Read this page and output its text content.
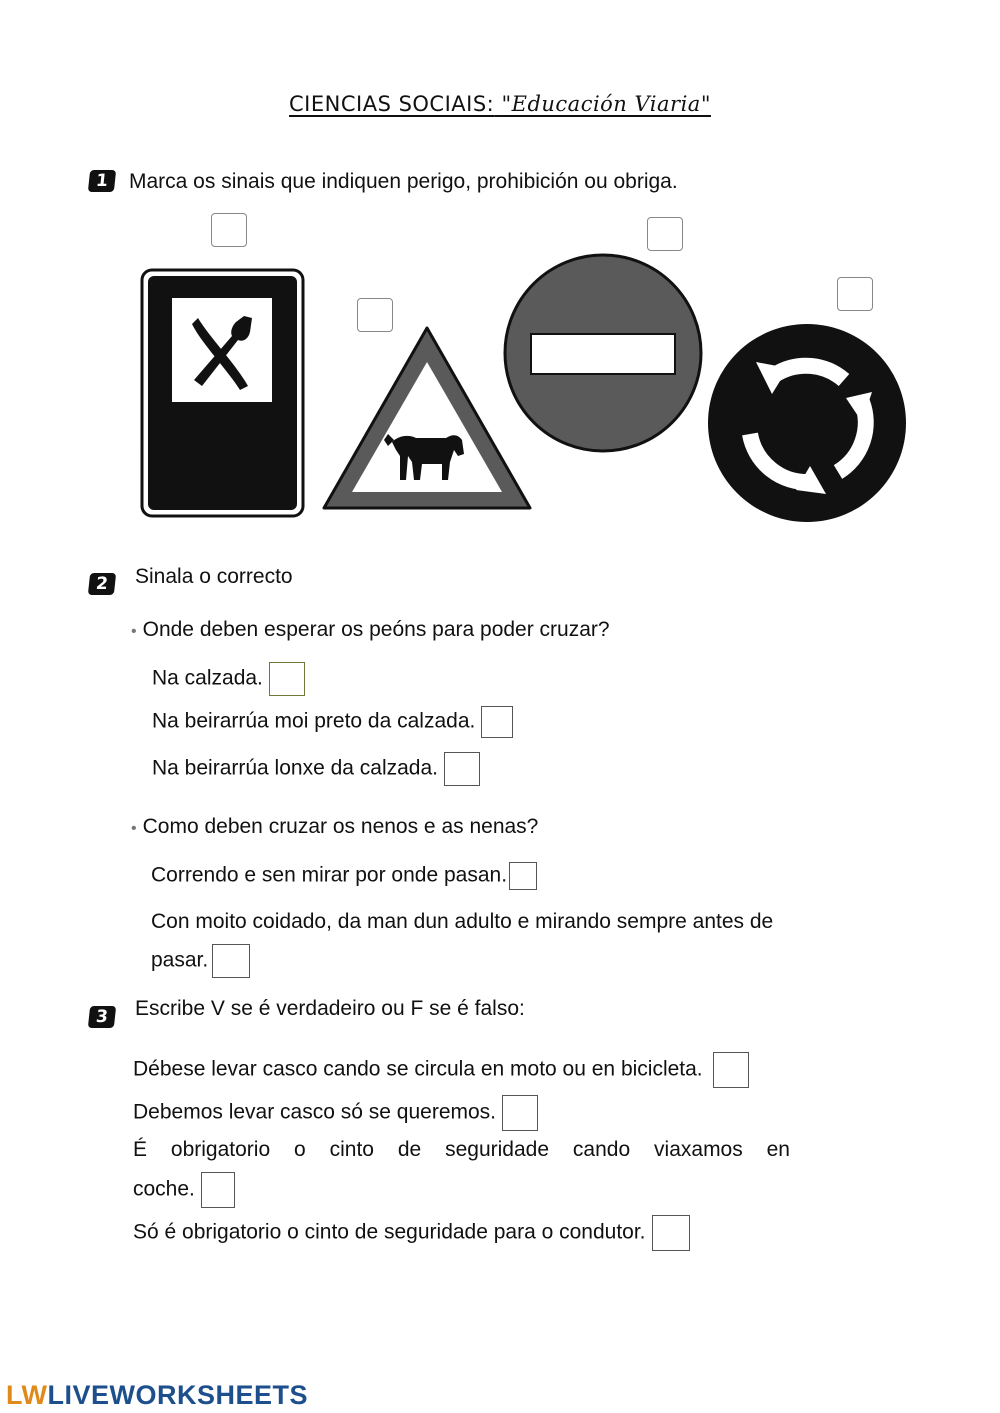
CIENCIAS SOCIAIS: "Educación Viaria"
1 Marca os sinais que indiquen perigo, prohibición ou obriga.
2	Sinala o correcto
• Onde deben esperar os peóns para poder cruzar?
Na calzada.
Na beirarrúa moi preto da calzada.
Na beirarrúa lonxe da calzada.
• Como deben cruzar os nenos e as nenas?
Correndo e sen mirar por onde pasan.
Con moito coidado, da man dun adulto e mirando sempre antes de
pasar.
3	Escribe V se é verdadeiro ou F se é falso:
Débese levar casco cando se circula en moto ou en bicicleta.
Debemos levar casco só se queremos.
É obrigatorio o cinto de seguridade cando viaxamos en
coche.
Só é obrigatorio o cinto de seguridade para o condutor.
LWLIVEWORKSHEETS
